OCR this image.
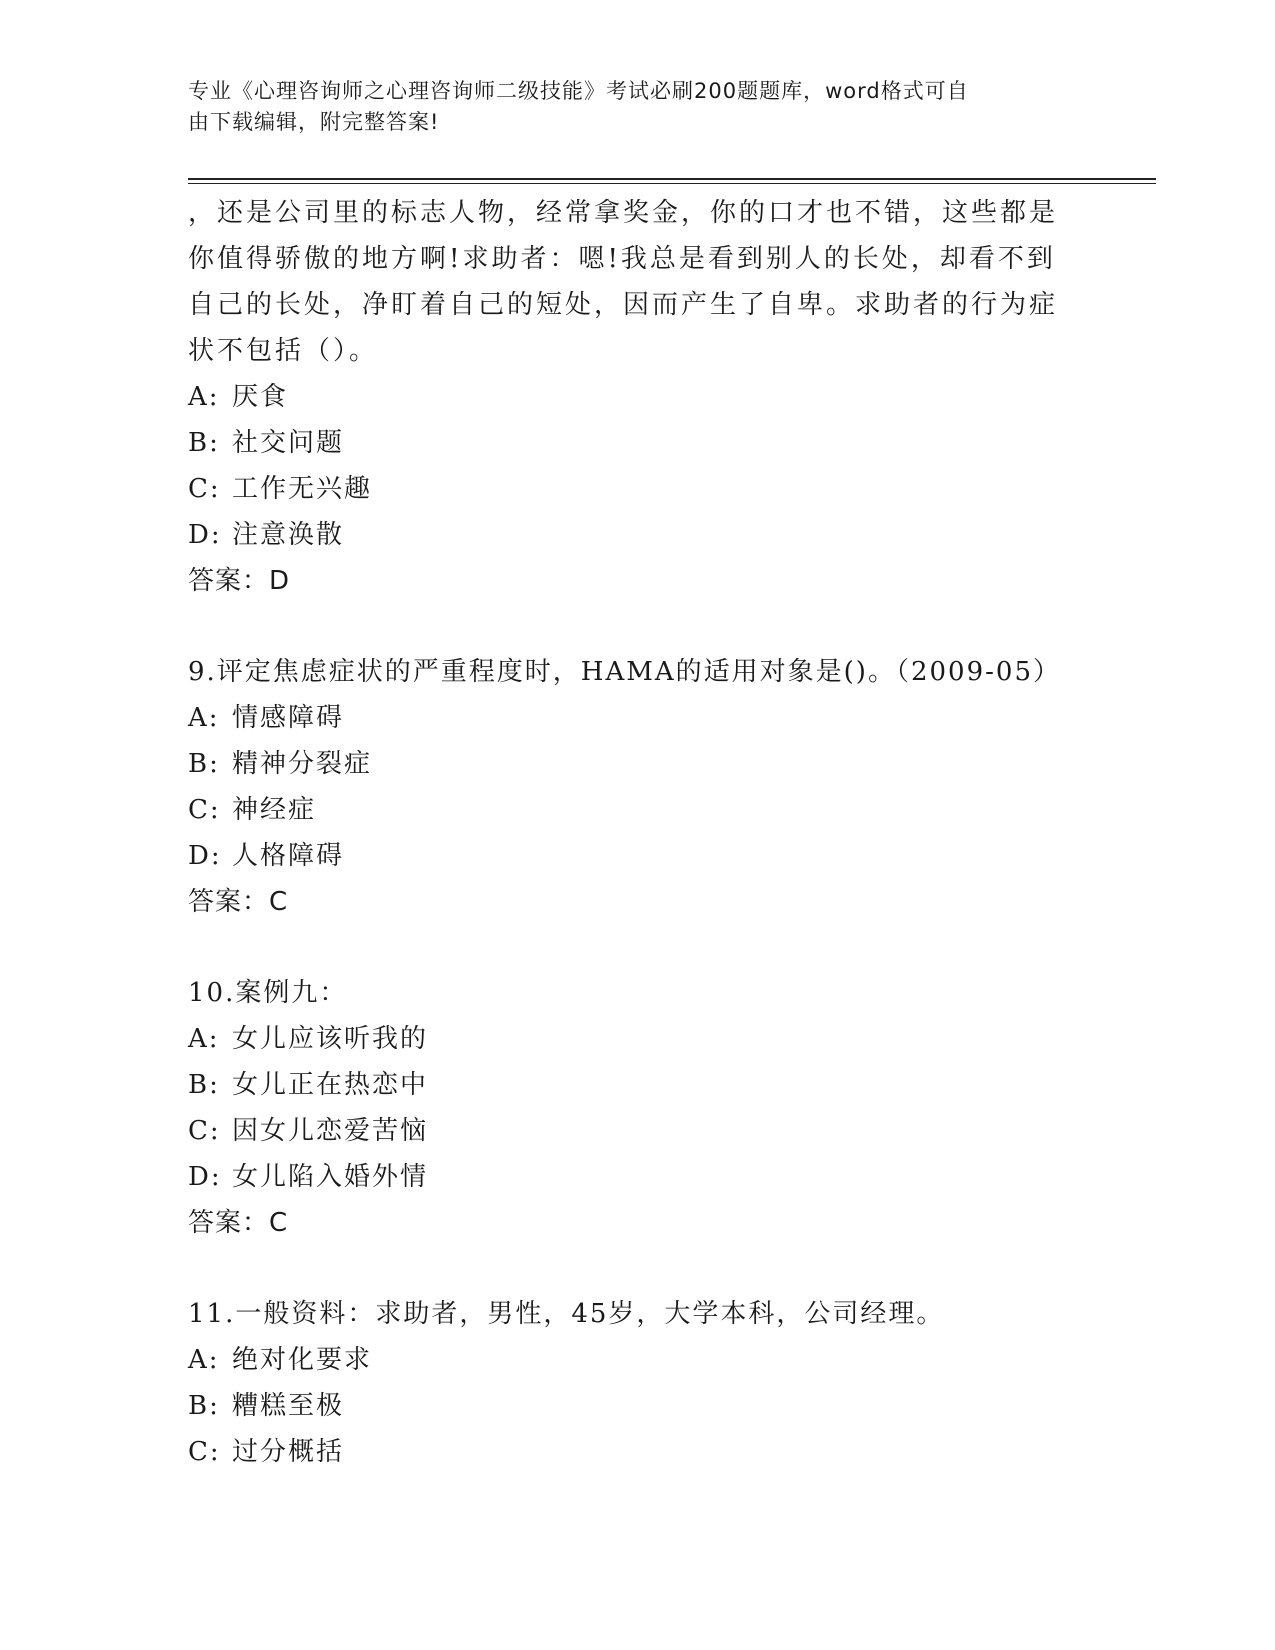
专业《心理咨询师之心理咨询师二级技能》考试必刷200题题库，word格式可自
由下载编辑，附完整答案!
，还是公司里的标志人物，经常拿奖金，你的口才也不错，这些都是
你值得骄傲的地方啊!求助者：嗯!我总是看到别人的长处，却看不到
自己的长处，净盯着自己的短处，因而产生了自卑。求助者的行为症
状不包括（）。
A: 厌食
B: 社交问题
C: 工作无兴趣
D: 注意涣散
答案：D
9.评定焦虑症状的严重程度时，HAMA的适用对象是()。（2009-05）
A: 情感障碍
B: 精神分裂症
C: 神经症
D: 人格障碍
答案：C
10.案例九：
A: 女儿应该听我的
B: 女儿正在热恋中
C: 因女儿恋爱苦恼
D: 女儿陷入婚外情
答案：C
11.一般资料：求助者，男性，45岁，大学本科，公司经理。
A: 绝对化要求
B: 糟糕至极
C: 过分概括
